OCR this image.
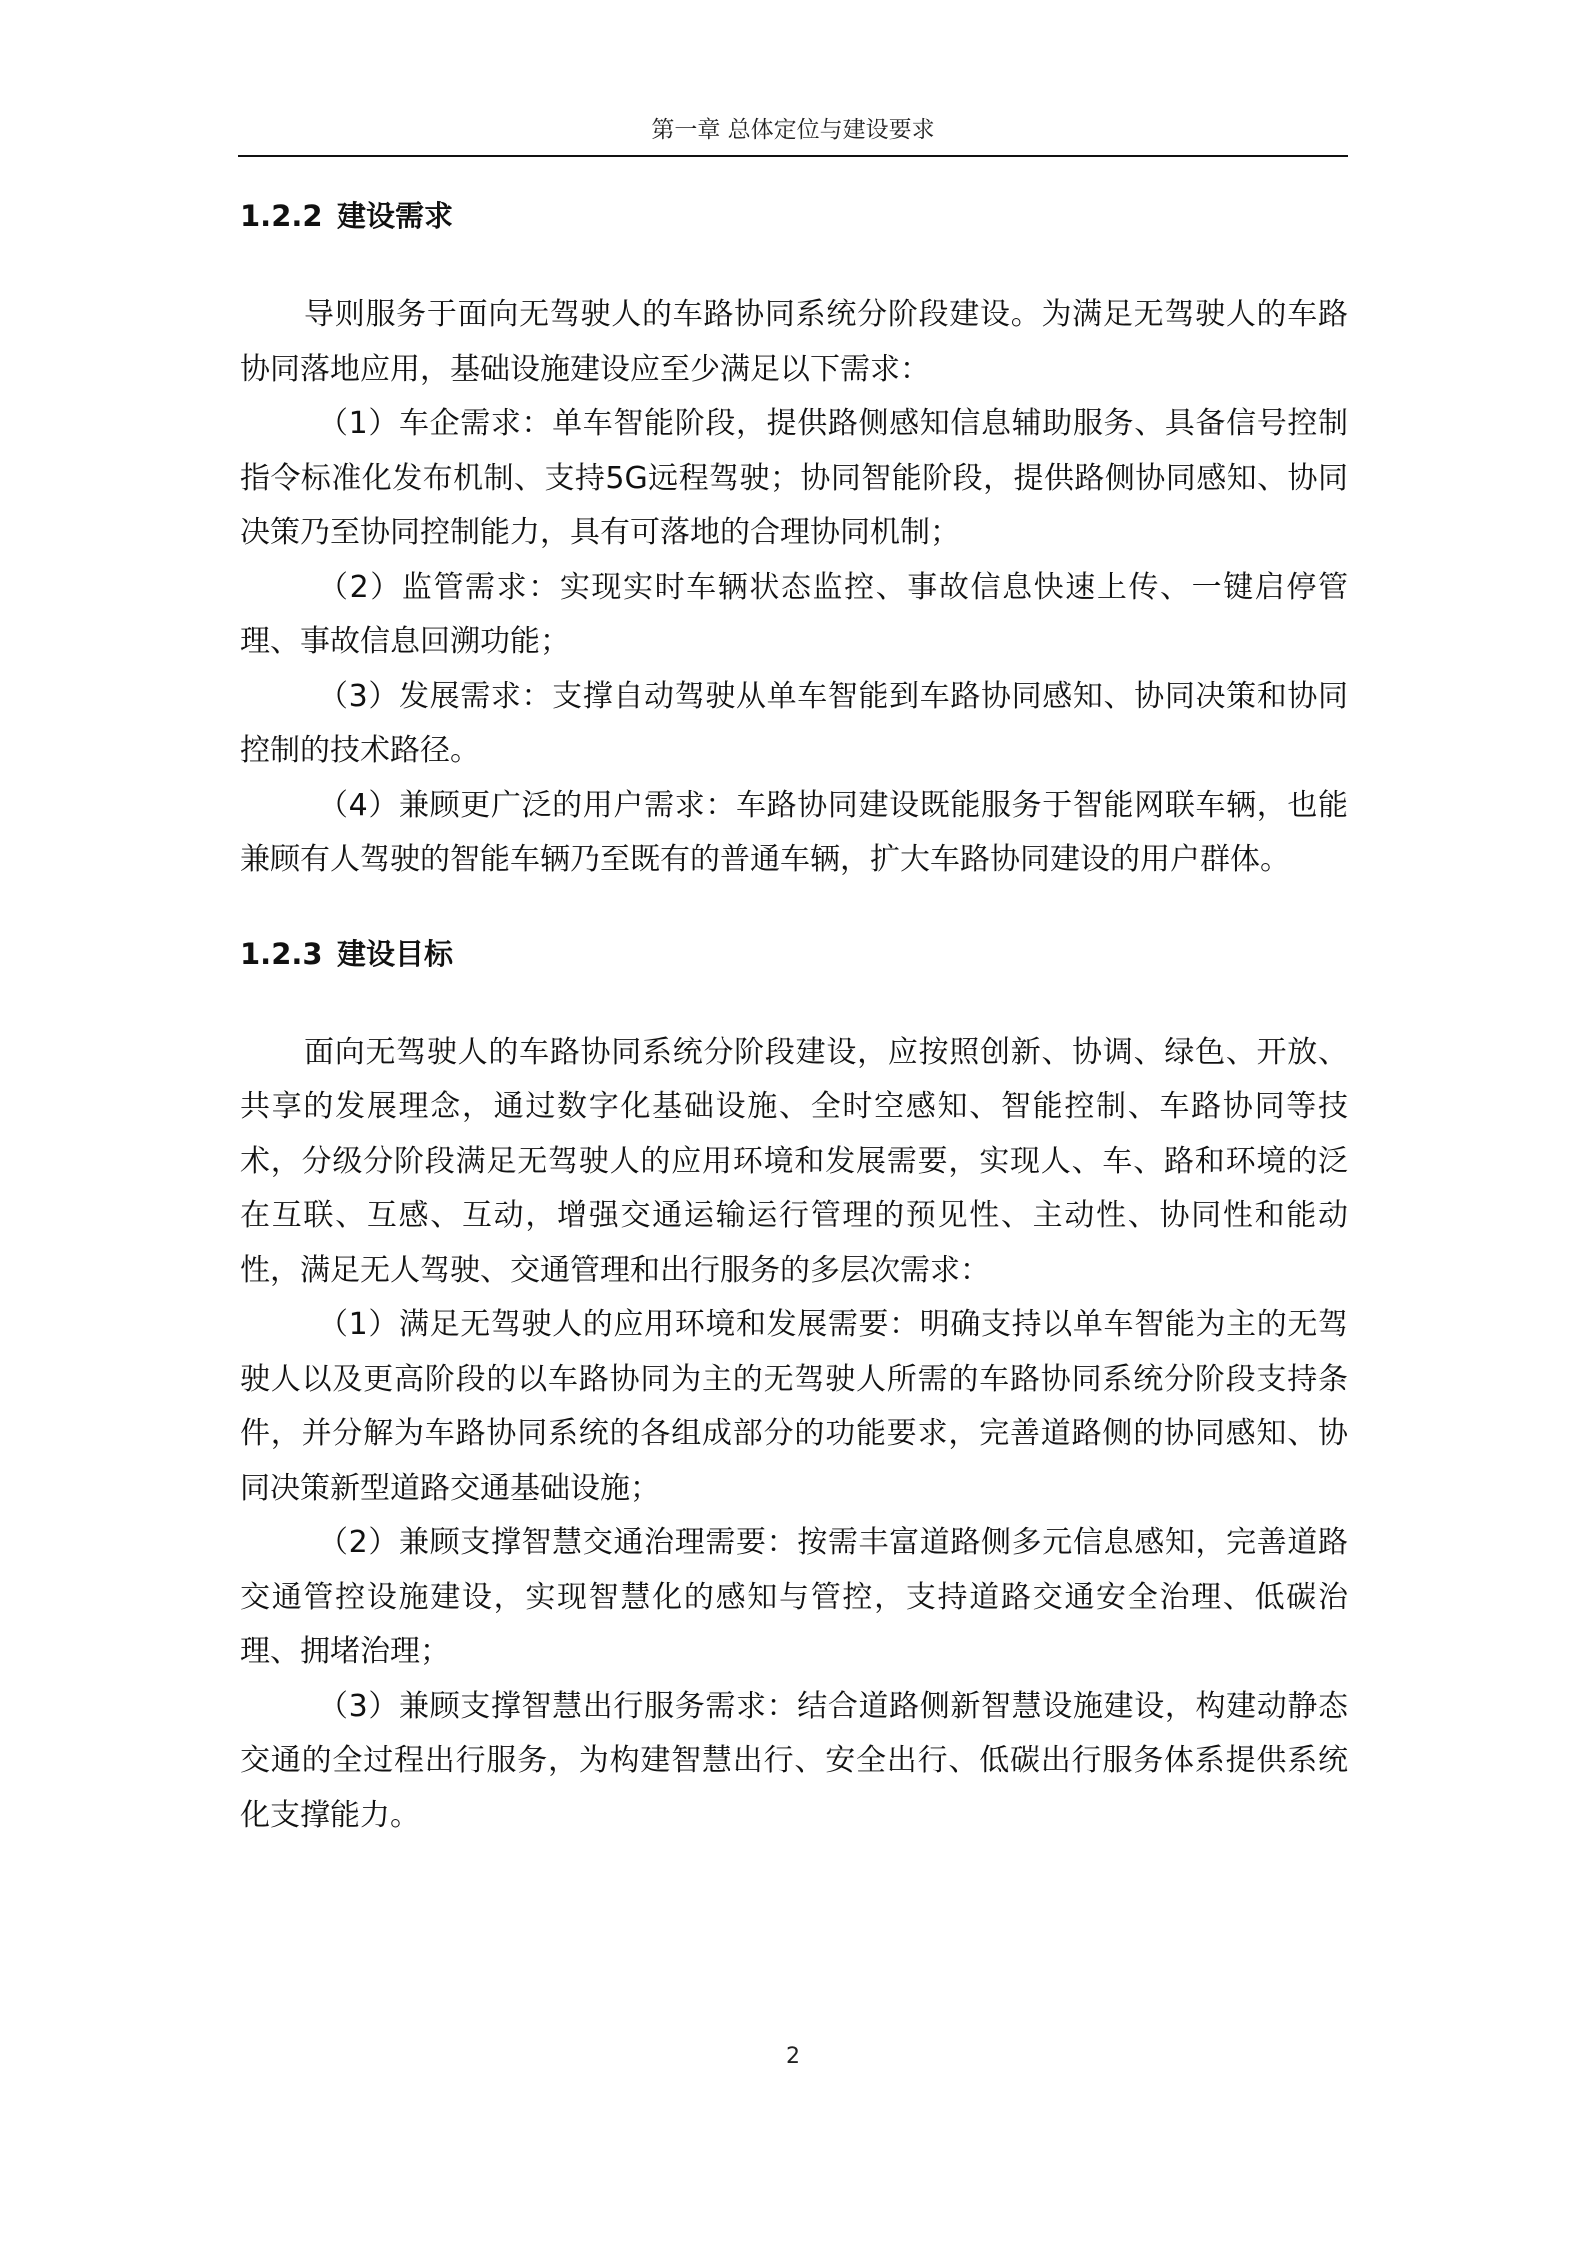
第一章 总体定位与建设要求
1.2.2 建设需求

导则服务于面向无驾驶人的车路协同系统分阶段建设。为满足无驾驶人的车路协同落地应用，基础设施建设应至少满足以下需求：

（1）车企需求：单车智能阶段，提供路侧感知信息辅助服务、具备信号控制指令标准化发布机制、支持5G远程驾驶；协同智能阶段，提供路侧协同感知、协同决策乃至协同控制能力，具有可落地的合理协同机制；

（2）监管需求：实现实时车辆状态监控、事故信息快速上传、一键启停管理、事故信息回溯功能；

（3）发展需求：支撑自动驾驶从单车智能到车路协同感知、协同决策和协同控制的技术路径。

（4）兼顾更广泛的用户需求：车路协同建设既能服务于智能网联车辆，也能兼顾有人驾驶的智能车辆乃至既有的普通车辆，扩大车路协同建设的用户群体。

1.2.3 建设目标

面向无驾驶人的车路协同系统分阶段建设，应按照创新、协调、绿色、开放、共享的发展理念，通过数字化基础设施、全时空感知、智能控制、车路协同等技术，分级分阶段满足无驾驶人的应用环境和发展需要，实现人、车、路和环境的泛在互联、互感、互动，增强交通运输运行管理的预见性、主动性、协同性和能动性，满足无人驾驶、交通管理和出行服务的多层次需求：

（1）满足无驾驶人的应用环境和发展需要：明确支持以单车智能为主的无驾驶人以及更高阶段的以车路协同为主的无驾驶人所需的车路协同系统分阶段支持条件，并分解为车路协同系统的各组成部分的功能要求，完善道路侧的协同感知、协同决策新型道路交通基础设施；

（2）兼顾支撑智慧交通治理需要：按需丰富道路侧多元信息感知，完善道路交通管控设施建设，实现智慧化的感知与管控，支持道路交通安全治理、低碳治理、拥堵治理；

（3）兼顾支撑智慧出行服务需求：结合道路侧新智慧设施建设，构建动静态交通的全过程出行服务，为构建智慧出行、安全出行、低碳出行服务体系提供系统化支撑能力。

2
